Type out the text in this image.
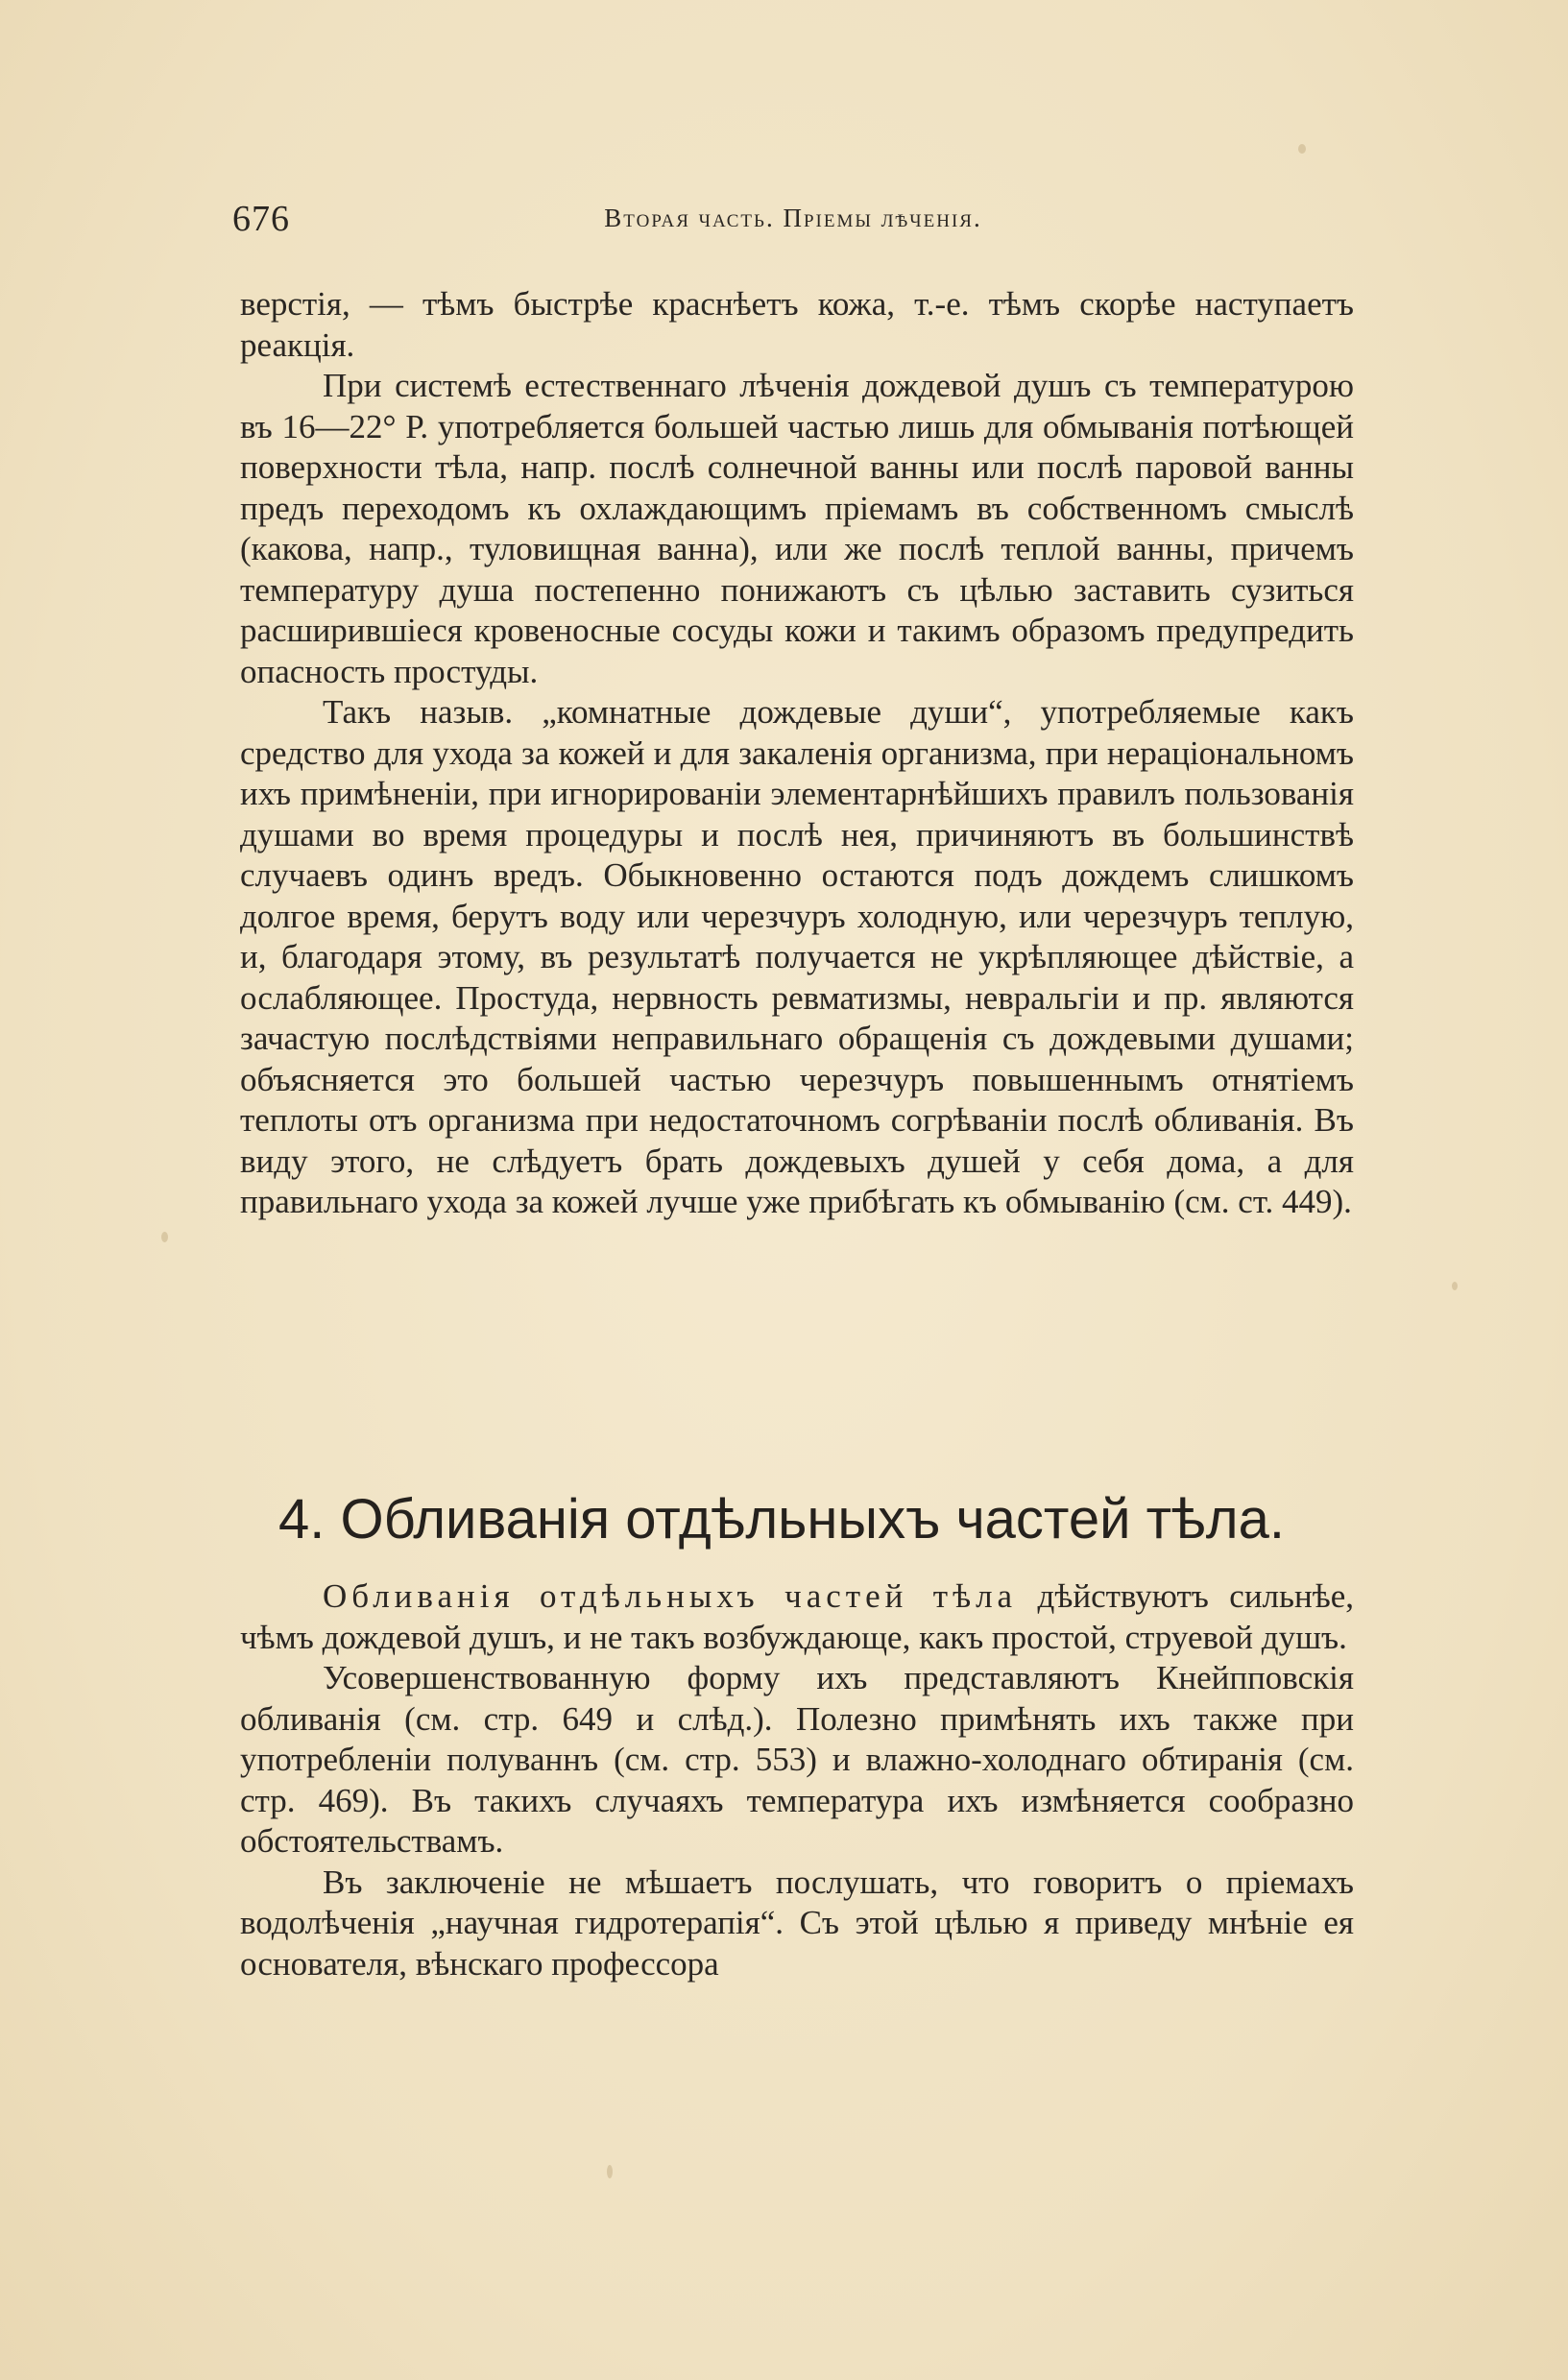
676	Вторая часть. Пріемы лѣченія.

верстія, — тѣмъ быстрѣе краснѣетъ кожа, т.-е. тѣмъ скорѣе наступаетъ реакція.

При системѣ естественнаго лѣченія дождевой душъ съ температурою въ 16—22° Р. употребляется большей частью лишь для обмыванія потѣющей поверхности тѣла, напр. послѣ солнечной ванны или послѣ паровой ванны предъ переходомъ къ охлаждающимъ пріемамъ въ собственномъ смыслѣ (какова, напр., туловищная ванна), или же послѣ теплой ванны, причемъ температуру душа постепенно понижаютъ съ цѣлью заставить сузиться расширившіеся кровеносные сосуды кожи и такимъ образомъ предупредить опасность простуды.

Такъ назыв. „комнатные дождевые души“, употребляемые какъ средство для ухода за кожей и для закаленія организма, при нераціональномъ ихъ примѣненіи, при игнорированіи элементарнѣйшихъ правилъ пользованія душами во время процедуры и послѣ нея, причиняютъ въ большинствѣ случаевъ одинъ вредъ. Обыкновенно остаются подъ дождемъ слишкомъ долгое время, берутъ воду или черезчуръ холодную, или черезчуръ теплую, и, благодаря этому, въ результатѣ получается не укрѣпляющее дѣйствіе, а ослабляющее. Простуда, нервность ревматизмы, невральгіи и пр. являются зачастую послѣдствіями неправильнаго обращенія съ дождевыми душами; объясняется это большей частью черезчуръ повышеннымъ отнятіемъ теплоты отъ организма при недостаточномъ согрѣваніи послѣ обливанія. Въ виду этого, не слѣдуетъ брать дождевыхъ душей у себя дома, а для правильнаго ухода за кожей лучше уже прибѣгать къ обмыванію (см. ст. 449).

4. Обливанія отдѣльныхъ частей тѣла.

Обливанія отдѣльныхъ частей тѣла дѣйствуютъ сильнѣе, чѣмъ дождевой душъ, и не такъ возбуждающе, какъ простой, струевой душъ.

Усовершенствованную форму ихъ представляютъ Кнейпповскія обливанія (см. стр. 649 и слѣд.). Полезно примѣнять ихъ также при употребленіи полуваннъ (см. стр. 553) и влажно-холоднаго обтиранія (см. стр. 469). Въ такихъ случаяхъ температура ихъ измѣняется сообразно обстоятельствамъ.

Въ заключеніе не мѣшаетъ послушать, что говоритъ о пріемахъ водолѣченія „научная гидротерапія“. Съ этой цѣлью я приведу мнѣніе ея основателя, вѣнскаго профессора
